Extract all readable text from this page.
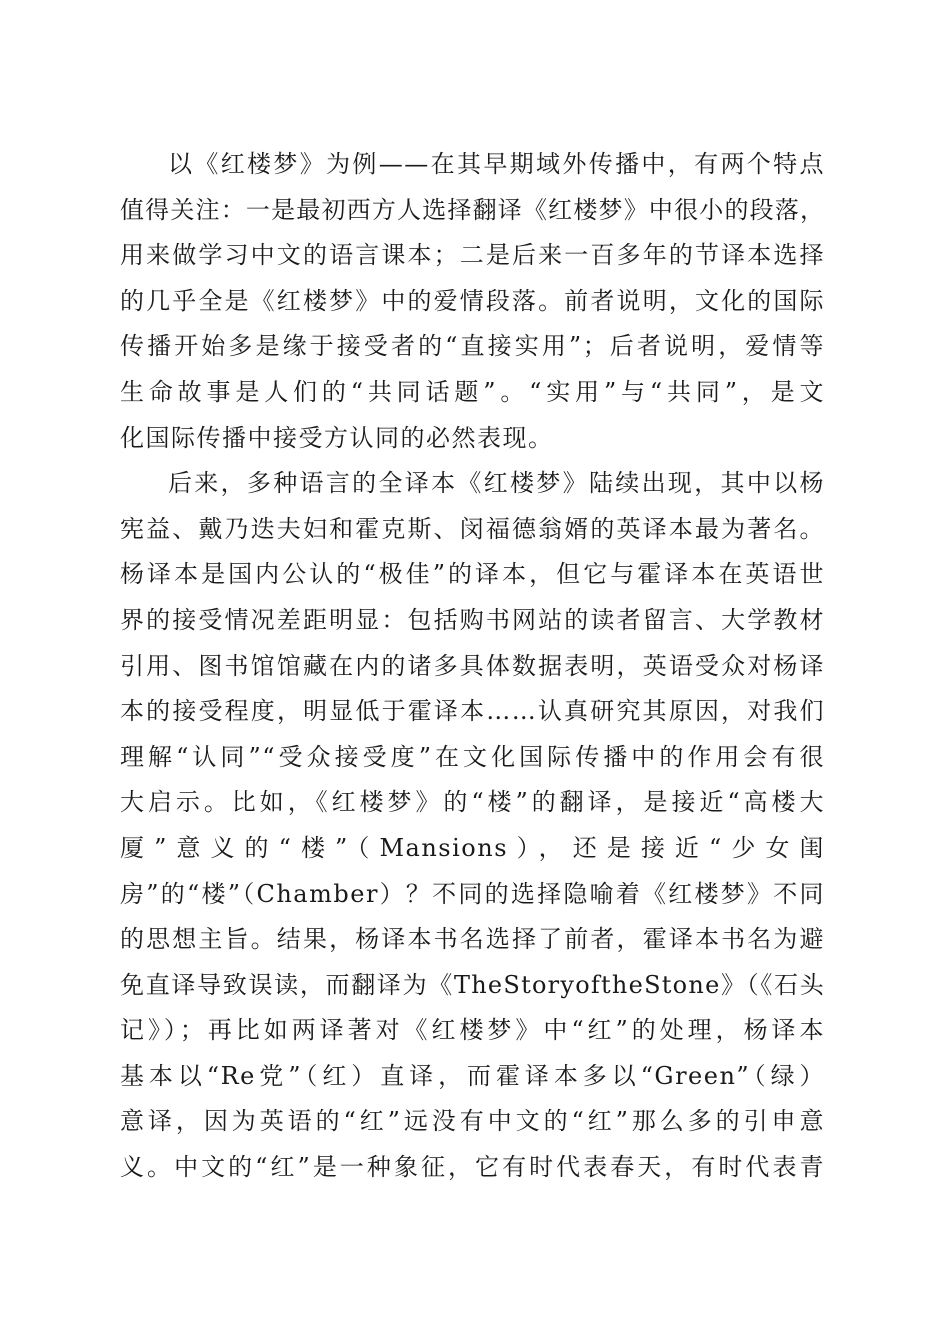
以《红楼梦》为例——在其早期域外传播中，有两个特点
值得关注：一是最初西方人选择翻译《红楼梦》中很小的段落，
用来做学习中文的语言课本；二是后来一百多年的节译本选择
的几乎全是《红楼梦》中的爱情段落。前者说明，文化的国际
传播开始多是缘于接受者的“直接实用”；后者说明，爱情等
生命故事是人们的“共同话题”。“实用”与“共同”，是文
化国际传播中接受方认同的必然表现。
后来，多种语言的全译本《红楼梦》陆续出现，其中以杨
宪益、戴乃迭夫妇和霍克斯、闵福德翁婿的英译本最为著名。
杨译本是国内公认的“极佳”的译本，但它与霍译本在英语世
界的接受情况差距明显：包括购书网站的读者留言、大学教材
引用、图书馆馆藏在内的诸多具体数据表明，英语受众对杨译
本的接受程度，明显低于霍译本……认真研究其原因，对我们
理解“认同”“受众接受度”在文化国际传播中的作用会有很
大启示。比如，《红楼梦》的“楼”的翻译，是接近“高楼大
厦”意义的“楼”（Mansions），还是接近“少女闺
房”的“楼”（Chamber）？不同的选择隐喻着《红楼梦》不同
的思想主旨。结果，杨译本书名选择了前者，霍译本书名为避
免直译导致误读，而翻译为《TheStoryoftheStone》（《石头
记》）；再比如两译著对《红楼梦》中“红”的处理，杨译本
基本以“Re党”（红）直译，而霍译本多以“Green”（绿）
意译，因为英语的“红”远没有中文的“红”那么多的引申意
义。中文的“红”是一种象征，它有时代表春天，有时代表青
